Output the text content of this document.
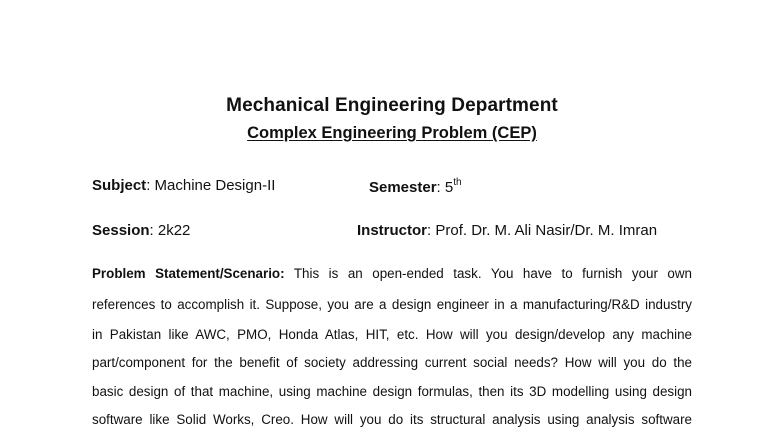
Mechanical Engineering Department
Complex Engineering Problem (CEP)
Subject: Machine Design-II	Semester: 5th
Session: 2k22	Instructor: Prof. Dr. M. Ali Nasir/Dr. M. Imran
Problem Statement/Scenario: This is an open-ended task. You have to furnish your own
references to accomplish it. Suppose, you are a design engineer in a manufacturing/R&D industry
in Pakistan like AWC, PMO, Honda Atlas, HIT, etc. How will you design/develop any machine
part/component for the benefit of society addressing current social needs? How will you do the
basic design of that machine, using machine design formulas, then its 3D modelling using design
software like Solid Works, Creo. How will you do its structural analysis using analysis software
